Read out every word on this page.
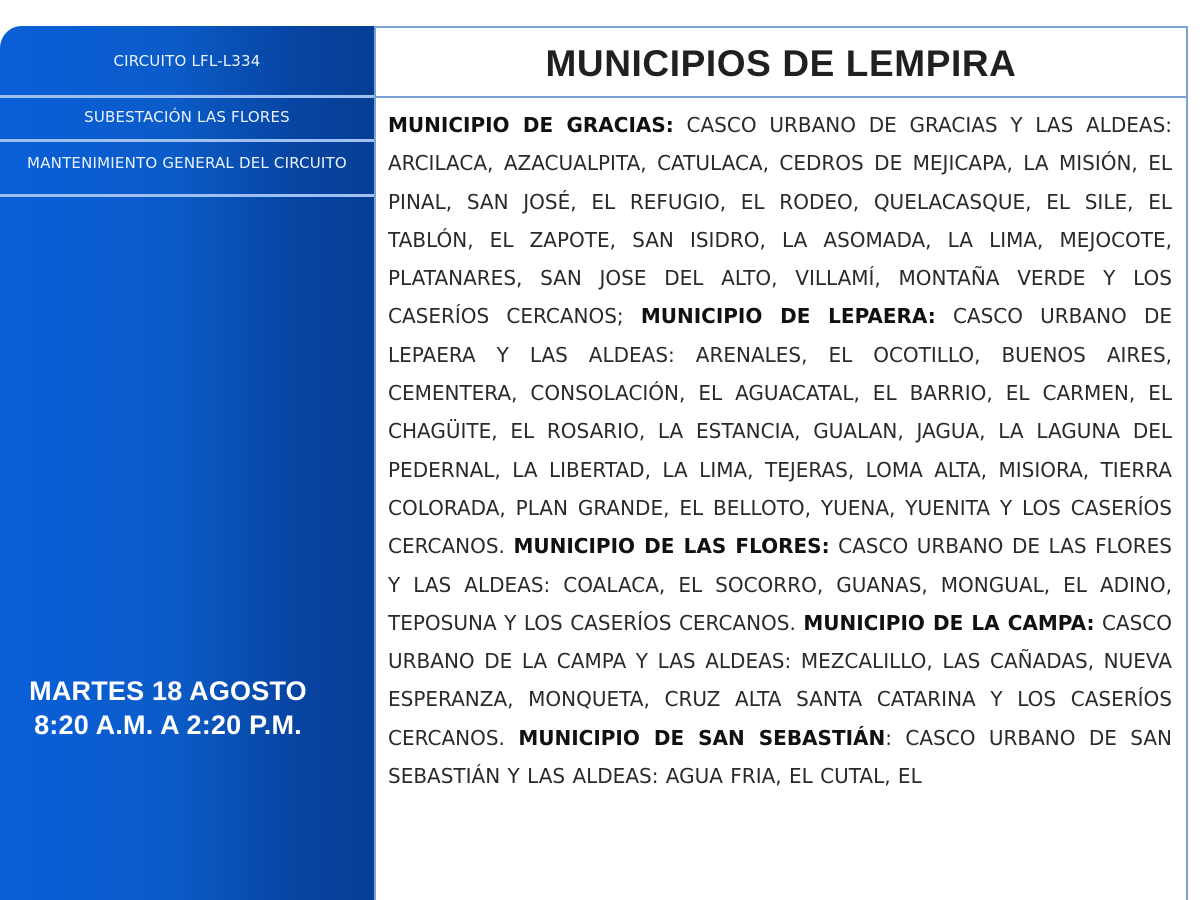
CIRCUITO LFL-L334
SUBESTACIÓN LAS FLORES
MANTENIMIENTO GENERAL DEL CIRCUITO
MARTES 18 AGOSTO
8:20 A.M. A 2:20 P.M.
MUNICIPIOS DE LEMPIRA
MUNICIPIO DE GRACIAS: CASCO URBANO DE GRACIAS Y LAS ALDEAS: ARCILACA, AZACUALPITA, CATULACA, CEDROS DE MEJICAPA, LA MISIÓN, EL PINAL, SAN JOSÉ, EL REFUGIO, EL RODEO, QUELACASQUE, EL SILE, EL TABLÓN, EL ZAPOTE, SAN ISIDRO, LA ASOMADA, LA LIMA, MEJOCOTE, PLATANARES, SAN JOSE DEL ALTO, VILLAMÍ, MONTAÑA VERDE Y LOS CASERÍOS CERCANOS; MUNICIPIO DE LEPAERA: CASCO URBANO DE LEPAERA Y LAS ALDEAS: ARENALES, EL OCOTILLO, BUENOS AIRES, CEMENTERA, CONSOLACIÓN, EL AGUACATAL, EL BARRIO, EL CARMEN, EL CHAGÜITE, EL ROSARIO, LA ESTANCIA, GUALAN, JAGUA, LA LAGUNA DEL PEDERNAL, LA LIBERTAD, LA LIMA, TEJERAS, LOMA ALTA, MISIORA, TIERRA COLORADA, PLAN GRANDE, EL BELLOTO, YUENA, YUENITA Y LOS CASERÍOS CERCANOS. MUNICIPIO DE LAS FLORES: CASCO URBANO DE LAS FLORES Y LAS ALDEAS: COALACA, EL SOCORRO, GUANAS, MONGUAL, EL ADINO, TEPOSUNA Y LOS CASERÍOS CERCANOS. MUNICIPIO DE LA CAMPA: CASCO URBANO DE LA CAMPA Y LAS ALDEAS: MEZCALILLO, LAS CAÑADAS, NUEVA ESPERANZA, MONQUETA, CRUZ ALTA SANTA CATARINA Y LOS CASERÍOS CERCANOS. MUNICIPIO DE SAN SEBASTIÁN: CASCO URBANO DE SAN SEBASTIÁN Y LAS ALDEAS: AGUA FRIA, EL CUTAL, EL
